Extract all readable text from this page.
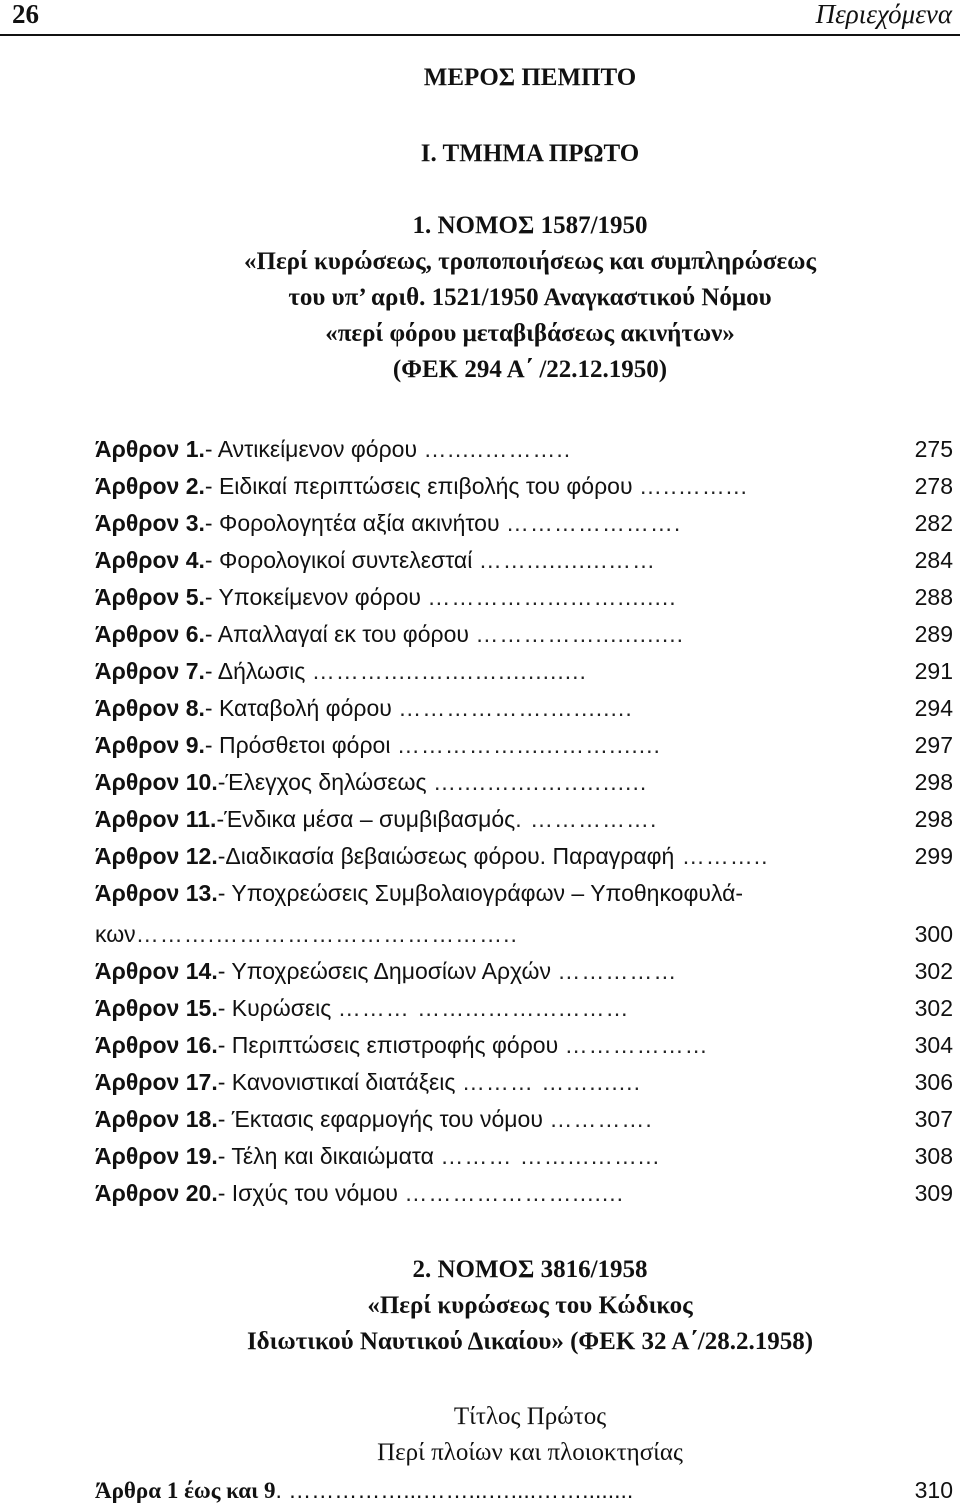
26	Περιεχόμενα
ΜΕΡΟΣ ΠΕΜΠΤΟ
Ι. ΤΜΗΜΑ ΠΡΩΤΟ
1. ΝΟΜΟΣ 1587/1950
«Περί κυρώσεως, τροποποιήσεως και συμπληρώσεως
του υπ’ αριθ. 1521/1950 Αναγκαστικού Νόμου
«περί φόρου μεταβιβάσεως ακινήτων»
(ΦΕΚ 294 Α΄ /22.12.1950)
Άρθρον 1.- Αντικείμενον φόρου ….....………..	275
Άρθρον 2.- Ειδικαί περιπτώσεις επιβολής του φόρου …..……...	278
Άρθρον 3.- Φορολογητέα αξία ακινήτου ………………….	282
Άρθρον 4.- Φορολογικοί συντελεσταί ……...........……	284
Άρθρον 5.- Υποκείμενον φόρου ……………...……........	288
Άρθρον 6.- Απαλλαγαί εκ του φόρου ……………............	289
Άρθρον 7.- Δήλωσις ……….....…....…............	291
Άρθρον 8.- Καταβολή φόρου ……………….…........	294
Άρθρον 9.- Πρόσθετοι φόροι ……………......…….......	297
Άρθρον 10.-Έλεγχος δηλώσεως …....…....…..…......	298
Άρθρον 11.-Ένδικα μέσα – συμβιβασμός. …………….	298
Άρθρον 12.-Διαδικασία βεβαιώσεως φόρου. Παραγραφή ………..	299
Άρθρον 13.- Υποχρεώσεις Συμβολαιογράφων – Υποθηκοφυλά-
κων……….………………………………..	300
Άρθρον 14.- Υποχρεώσεις Δημοσίων Αρχών ……………	302
Άρθρον 15.- Κυρώσεις ……… ……...……...………	302
Άρθρον 16.- Περιπτώσεις επιστροφής φόρου ………………	304
Άρθρον 17.- Κανονιστικαί διατάξεις ……… …….......	306
Άρθρον 18.- Έκτασις εφαρμογής του νόμου ………….	307
Άρθρον 19.- Τέλη και δικαιώματα ……… ……...……...	308
Άρθρον 20.- Ισχύς του νόμου ………………….......	309
2. ΝΟΜΟΣ 3816/1958
«Περί κυρώσεως του Κώδικος
Ιδιωτικού Ναυτικού Δικαίου» (ΦΕΚ 32 Α΄/28.2.1958)
Τίτλος Πρώτος
Περί πλοίων και πλοιοκτησίας
Άρθρα 1 έως και 9. ……………...……...…....……........	310
